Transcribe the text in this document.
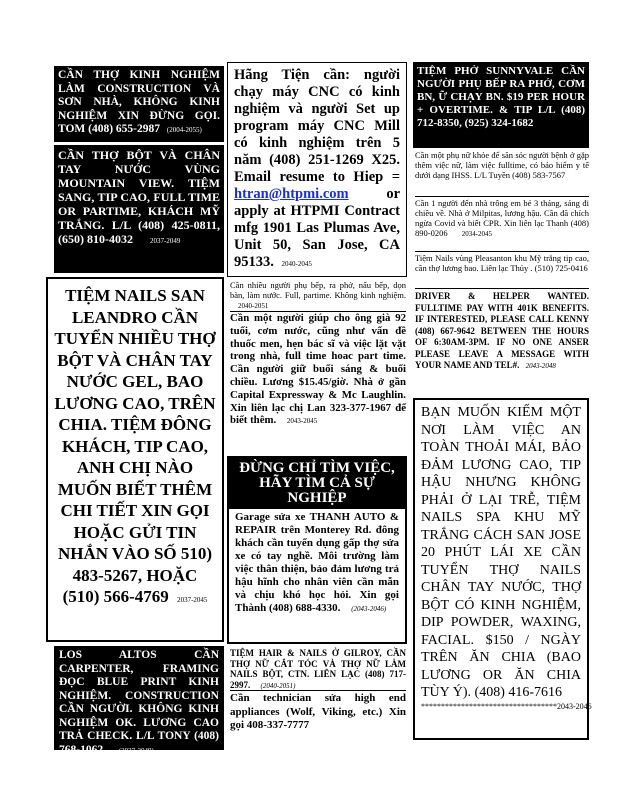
CẦN THỢ KINH NGHIỆM LÀM CONSTRUCTION VÀ SƠN NHÀ, KHÔNG KINH NGHIỆM XIN ĐỪNG GỌI. TOM (408) 655-2987 (2004-2055)
CẦN THỢ BỘT VÀ CHÂN TAY NƯỚC VÙNG MOUNTAIN VIEW. TIỆM SANG, TIP CAO, FULL TIME OR PARTIME, KHÁCH MỸ TRẮNG. L/L (408) 425-0811, (650) 810-4032 2037-2049
TIỆM NAILS SAN LEANDRO CẦN TUYỂN NHIỀU THỢ BỘT VÀ CHÂN TAY NƯỚC GEL, BAO LƯƠNG CAO, TRÊN CHIA. TIỆM ĐÔNG KHÁCH, TIP CAO, ANH CHỊ NÀO MUỐN BIẾT THÊM CHI TIẾT XIN GỌI HOẶC GỬI TIN NHẮN VÀO SỐ 510) 483-5267, HOẶC (510) 566-4769 2037-2045
LOS ALTOS CẦN CARPENTER, FRAMING ĐỌC BLUE PRINT KINH NGHIỆM. CONSTRUCTION CẦN NGƯỜI. KHÔNG KINH NGHIỆM OK. LƯƠNG CAO TRẢ CHECK. L/L TONY (408) 768-1062. (2037-2049)
Hãng Tiện cần: người chạy máy CNC có kinh nghiệm và người Set up program máy CNC Mill có kinh nghiệm trên 5 năm (408) 251-1269 X25. Email resume to Hiep = htran@htpmi.com or apply at HTPMI Contract mfg 1901 Las Plumas Ave, Unit 50, San Jose, CA 95133. 2040-2045
Cần nhiều người phụ bếp, ra phở, nấu bếp, dọn bàn, làm nước. Full, partime. Không kinh nghiệm. 2040-2051
Cần một người giúp cho ông già 92 tuổi, cơm nước, cũng như vấn đề thuốc men, hẹn bác sĩ và việc lặt vặt trong nhà, full time hoac part time. Cần người giữ buổi sáng & buổi chiều. Lương $15.45/giờ. Nhà ở gần Capital Expressway & Mc Laughlin. Xin liên lạc chị Lan 323-377-1967 để biết thêm. 2043-2045
ĐỪNG CHỈ TÌM VIỆC, HÃY TÌM CẢ SỰ NGHIỆP
Garage sửa xe THANH AUTO & REPAIR trên Monterey Rd. đông khách cần tuyển dụng gấp thợ sửa xe có tay nghề. Môi trường làm việc thân thiện, bảo đảm lương trả hậu hĩnh cho nhân viên cần mẫn và chịu khó học hỏi. Xin gọi Thành (408) 688-4330. (2043-2046)
TIỆM HAIR & NAILS Ở GILROY, CẦN THỢ NỮ CẮT TÓC VÀ THỢ NỮ LÀM NAILS BỘT, CTN. LIÊN LẠC (408) 717-2997. (2040-2051)
Cần technician sửa high end appliances (Wolf, Viking, etc.) Xin gọi 408-337-7777
TIỆM PHỞ SUNNYVALE CẦN NGƯỜI PHỤ BẾP RA PHỞ, CƠM BN, Ữ CHẠY BN. $19 PER HOUR + OVERTIME. & TIP L/L (408) 712-8350, (925) 324-1682
Cần một phụ nữ khỏe để săn sóc người bệnh ở gặp thêm việc nữ, làm việc fulltime, có bảo hiểm y tế dưới dạng IHSS. L/L Tuyền (408) 583-7567
Cần 1 người đến nhà trông em bé 3 tháng, sáng đi chiều về. Nhà ở Milpitas, lương hậu. Cần đã chích ngừa Covid và biết CPR. Xin liên lạc Thanh (408) 890-0206 2034-2045
Tiệm Nails vùng Pleasanton khu Mỹ trắng tip cao, cần thợ lương bao. Liên lạc Thủy . (510) 725-0416
DRIVER & HELPER WANTED. FULLTIME PAY WITH 401K BENEFITS. IF INTERESTED, PLEASE CALL KENNY (408) 667-9642 BETWEEN THE HOURS OF 6:30AM-3PM. IF NO ONE ANSER PLEASE LEAVE A MESSAGE WITH YOUR NAME AND TEL#. 2043-2048
BẠN MUỐN KIẾM MỘT NƠI LÀM VIỆC AN TOÀN THOẢI MÁI, BẢO ĐẢM LƯƠNG CAO, TIP HẬU NHƯNG KHÔNG PHẢI Ở LẠI TRỄ, TIỆM NAILS SPA KHU MỸ TRẮNG CÁCH SAN JOSE 20 PHÚT LÁI XE CẦN TUYỂN THỢ NAILS CHÂN TAY NƯỚC, THỢ BỘT CÓ KINH NGHIỆM, DIP POWDER, WAXING, FACIAL. $150 / NGÀY TRÊN ĂN CHIA (BAO LƯƠNG OR ĂN CHIA TÙY Ý). (408) 416-7616
**********************************2043-2046
